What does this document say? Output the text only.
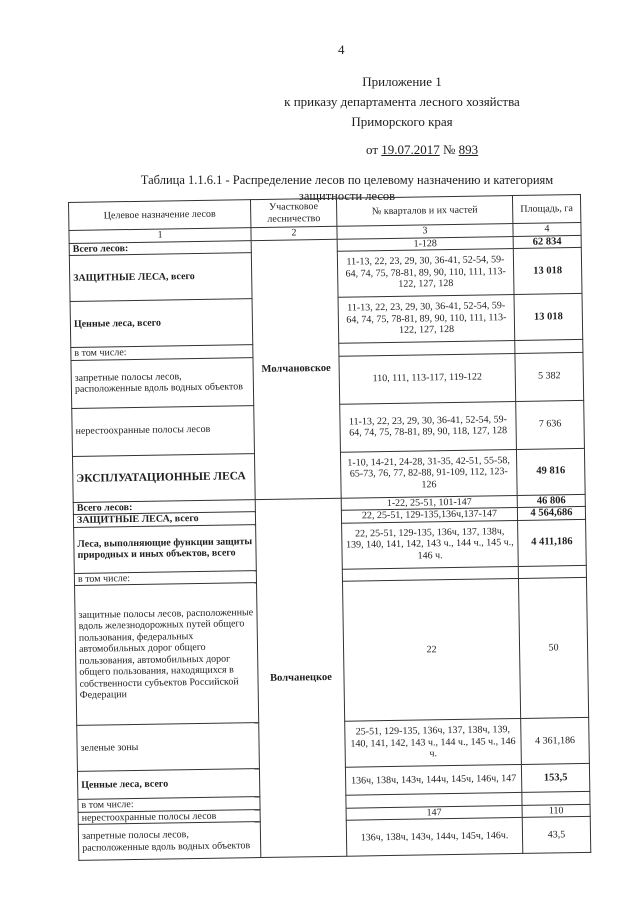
4
Приложение 1
к приказу департамента лесного хозяйства
Приморского края
от 19.07.2017 № 893
Таблица 1.1.6.1 - Распределение лесов по целевому назначению и категориям защитности лесов
Целевое назначение лесов	Участковое лесничество	№ кварталов и их частей	Площадь, га
1	2	3	4
Всего лесов:	Молчановское	1-128	62 834
ЗАЩИТНЫЕ ЛЕСА, всего		11-13, 22, 23, 29, 30, 36-41, 52-54, 59-64, 74, 75, 78-81, 89, 90, 110, 111, 113-122, 127, 128	13 018
Ценные леса, всего		11-13, 22, 23, 29, 30, 36-41, 52-54, 59-64, 74, 75, 78-81, 89, 90, 110, 111, 113-122, 127, 128	13 018
в том числе:			
запретные полосы лесов, расположенные вдоль водных объектов		110, 111, 113-117, 119-122	5 382
нерестоохранные полосы лесов		11-13, 22, 23, 29, 30, 36-41, 52-54, 59-64, 74, 75, 78-81, 89, 90, 118, 127, 128	7 636
ЭКСПЛУАТАЦИОННЫЕ ЛЕСА		1-10, 14-21, 24-28, 31-35, 42-51, 55-58, 65-73, 76, 77, 82-88, 91-109, 112, 123-126	49 816
Всего лесов:	Волчанецкое	1-22, 25-51, 101-147	46 806
ЗАЩИТНЫЕ ЛЕСА, всего		22, 25-51, 129-135,136ч,137-147	4 564,686
Леса, выполняющие функции защиты природных и иных объектов, всего		22, 25-51, 129-135, 136ч, 137, 138ч, 139, 140, 141, 142, 143 ч., 144 ч., 145 ч., 146 ч.	4 411,186
в том числе:			
защитные полосы лесов, расположенные вдоль железнодорожных путей общего пользования, федеральных автомобильных дорог общего пользования, автомобильных дорог общего пользования, находящихся в собственности субъектов Российской Федерации		22	50
зеленые зоны		25-51, 129-135, 136ч, 137, 138ч, 139, 140, 141, 142, 143 ч., 144 ч., 145 ч., 146 ч.	4 361,186
Ценные леса, всего		136ч, 138ч, 143ч, 144ч, 145ч, 146ч, 147	153,5
в том числе:			
нерестоохранные полосы лесов		147	110
запретные полосы лесов, расположенные вдоль водных объектов		136ч, 138ч, 143ч, 144ч, 145ч, 146ч.	43,5
